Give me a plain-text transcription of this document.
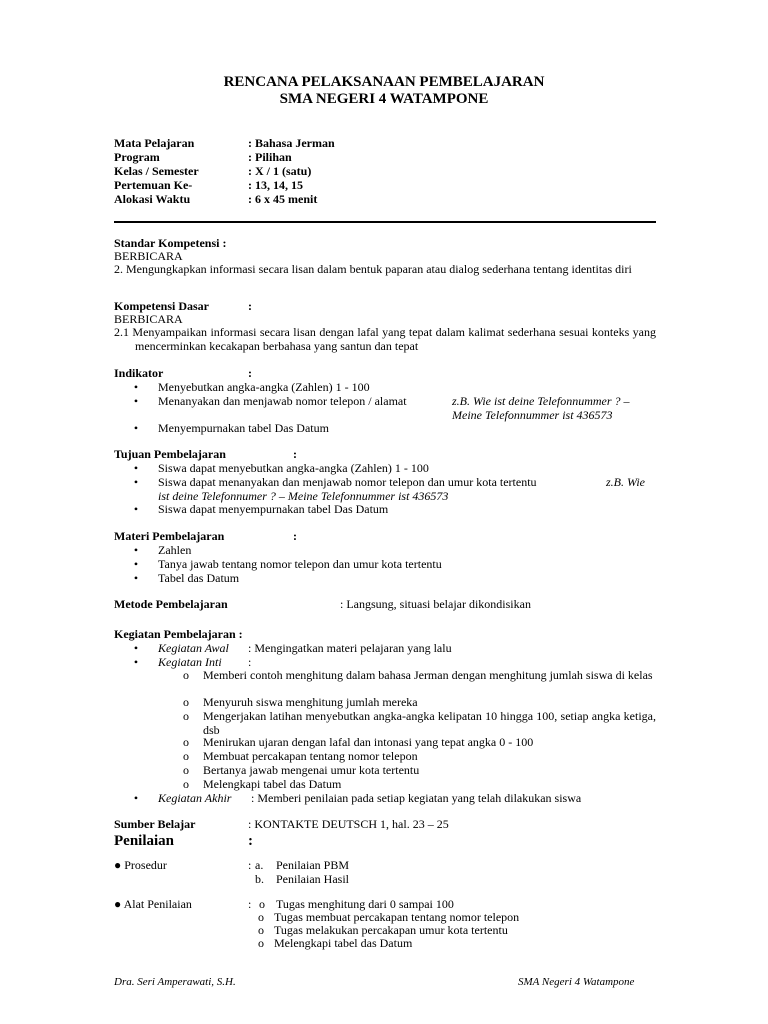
RENCANA PELAKSANAAN PEMBELAJARAN
SMA NEGERI 4 WATAMPONE
Mata Pelajaran	: Bahasa Jerman
Program	: Pilihan
Kelas / Semester	: X / 1 (satu)
Pertemuan Ke-	: 13, 14, 15
Alokasi Waktu	: 6 x 45 menit
Standar Kompetensi :
BERBICARA
2. Mengungkapkan informasi secara lisan dalam bentuk paparan atau dialog sederhana tentang identitas diri
Kompetensi Dasar	:
BERBICARA
2.1 Menyampaikan informasi secara lisan dengan lafal yang tepat dalam kalimat sederhana sesuai konteks yang mencerminkan kecakapan berbahasa yang santun dan tepat
Indikator	:
• Menyebutkan angka-angka (Zahlen) 1 - 100
• Menanyakan dan menjawab nomor telepon / alamat	z.B. Wie ist deine Telefonnummer ? – Meine Telefonnummer ist 436573
• Menyempurnakan tabel Das Datum
Tujuan Pembelajaran	:
• Siswa dapat menyebutkan angka-angka (Zahlen) 1 - 100
• Siswa dapat menanyakan dan menjawab nomor telepon dan umur kota tertentu	z.B. Wie ist deine Telefonnumer ? – Meine Telefonnummer ist 436573
• Siswa dapat menyempurnakan tabel Das Datum
Materi Pembelajaran	:
• Zahlen
• Tanya jawab tentang nomor telepon dan umur kota tertentu
• Tabel das Datum
Metode Pembelajaran	: Langsung, situasi belajar dikondisikan
Kegiatan Pembelajaran :
• Kegiatan Awal : Mengingatkan materi pelajaran yang lalu
• Kegiatan Inti :
o Memberi contoh menghitung dalam bahasa Jerman dengan menghitung jumlah siswa di kelas
o Menyuruh siswa menghitung jumlah mereka
o Mengerjakan latihan menyebutkan angka-angka kelipatan 10 hingga 100, setiap angka ketiga, dsb
o Menirukan ujaran dengan lafal dan intonasi yang tepat angka 0 - 100
o Membuat percakapan tentang nomor telepon
o Bertanya jawab mengenai umur kota tertentu
o Melengkapi tabel das Datum
• Kegiatan Akhir : Memberi penilaian pada setiap kegiatan yang telah dilakukan siswa
Sumber Belajar	: KONTAKTE DEUTSCH 1, hal. 23 – 25
Penilaian	:
● Prosedur	: a. Penilaian PBM
b. Penilaian Hasil
● Alat Penilaian	: o Tugas menghitung dari 0 sampai 100
o Tugas membuat percakapan tentang nomor telepon
o Tugas melakukan percakapan umur kota tertentu
o Melengkapi tabel das Datum
Dra. Seri Amperawati, S.H.	SMA Negeri 4 Watampone
